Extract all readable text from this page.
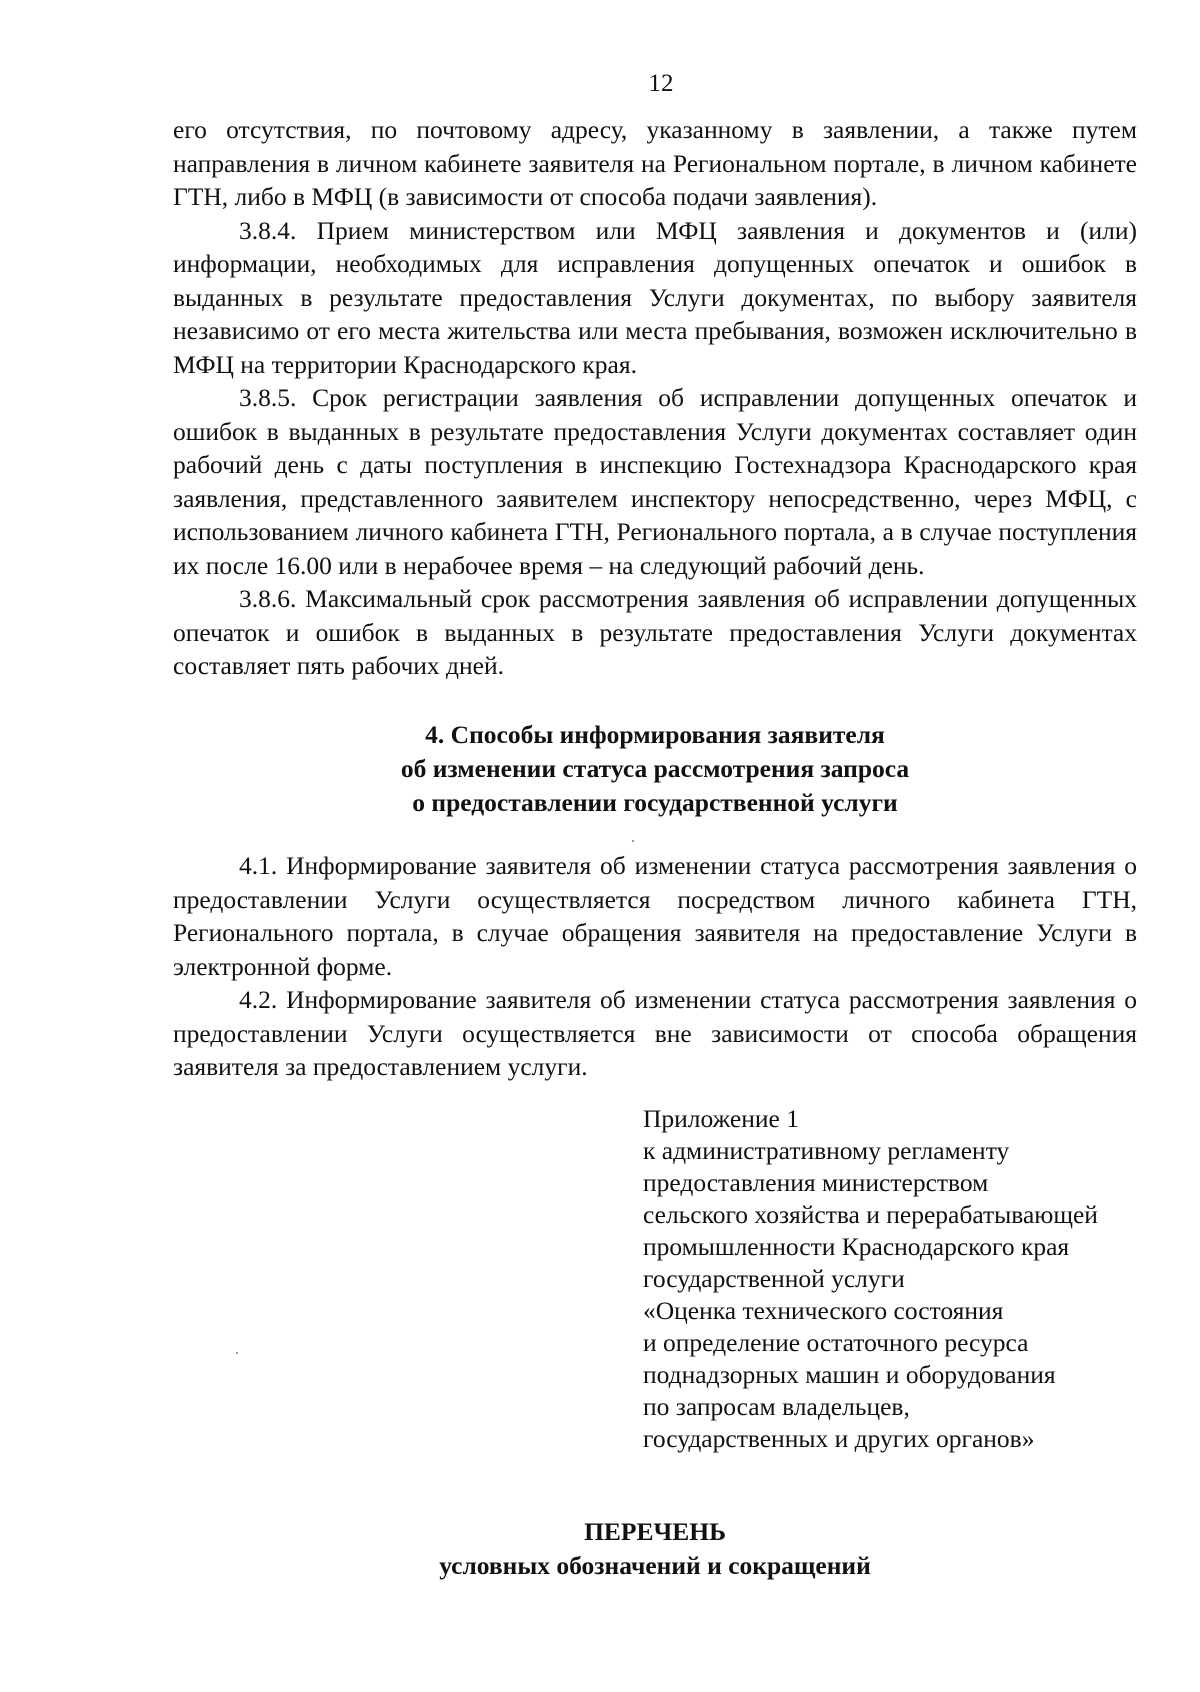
12

его отсутствия, по почтовому адресу, указанному в заявлении, а также путем направления в личном кабинете заявителя на Региональном портале, в личном кабинете ГТН, либо в МФЦ (в зависимости от способа подачи заявления).

3.8.4. Прием министерством или МФЦ заявления и документов и (или) информации, необходимых для исправления допущенных опечаток и ошибок в выданных в результате предоставления Услуги документах, по выбору заявителя независимо от его места жительства или места пребывания, возможен исключительно в МФЦ на территории Краснодарского края.

3.8.5. Срок регистрации заявления об исправлении допущенных опечаток и ошибок в выданных в результате предоставления Услуги документах составляет один рабочий день с даты поступления в инспекцию Гостехнадзора Краснодарского края заявления, представленного заявителем инспектору непосредственно, через МФЦ, с использованием личного кабинета ГТН, Регионального портала, а в случае поступления их после 16.00 или в нерабочее время – на следующий рабочий день.

3.8.6. Максимальный срок рассмотрения заявления об исправлении допущенных опечаток и ошибок в выданных в результате предоставления Услуги документах составляет пять рабочих дней.

4. Способы информирования заявителя
об изменении статуса рассмотрения запроса
о предоставлении государственной услуги

4.1. Информирование заявителя об изменении статуса рассмотрения заявления о предоставлении Услуги осуществляется посредством личного кабинета ГТН, Регионального портала, в случае обращения заявителя на предоставление Услуги в электронной форме.

4.2. Информирование заявителя об изменении статуса рассмотрения заявления о предоставлении Услуги осуществляется вне зависимости от способа обращения заявителя за предоставлением услуги.

Приложение 1
к административному регламенту
предоставления министерством
сельского хозяйства и перерабатывающей
промышленности Краснодарского края
государственной услуги
«Оценка технического состояния
и определение остаточного ресурса
поднадзорных машин и оборудования
по запросам владельцев,
государственных и других органов»
ПЕРЕЧЕНЬ
условных обозначений и сокращений
